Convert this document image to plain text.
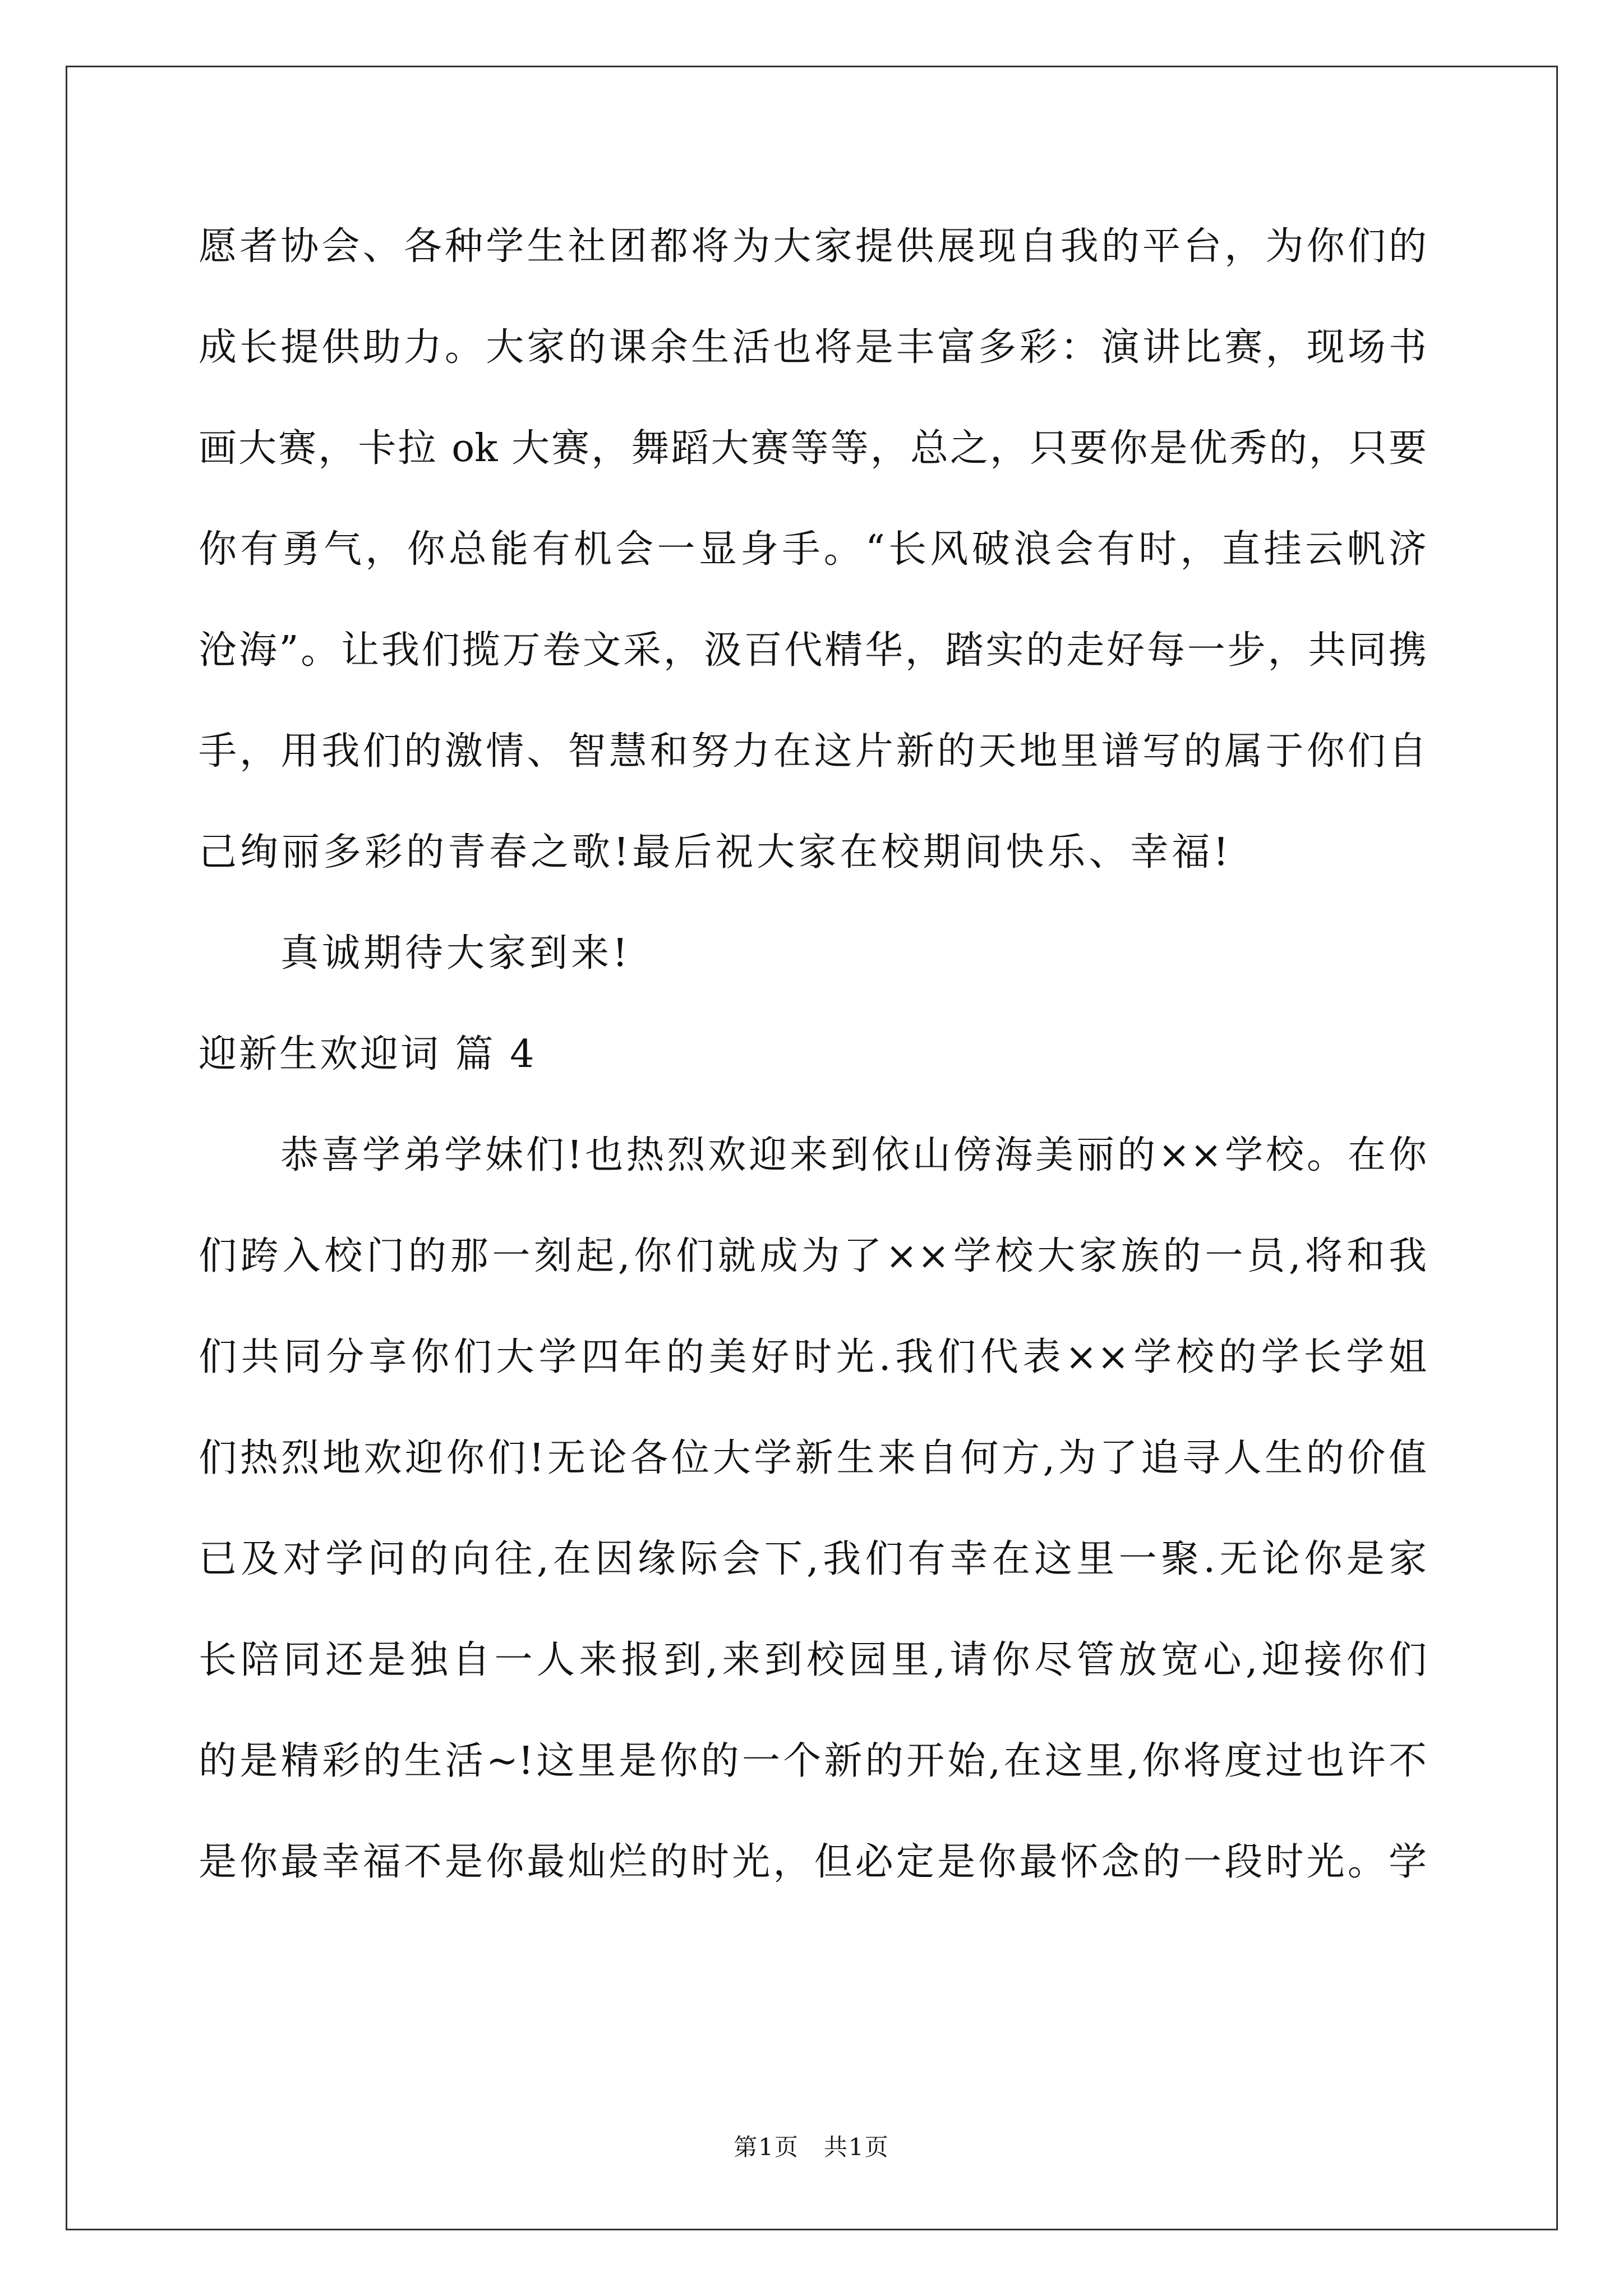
愿者协会、各种学生社团都将为大家提供展现自我的平台，为你们的
成长提供助力。大家的课余生活也将是丰富多彩：演讲比赛，现场书
画大赛，卡拉 ok 大赛，舞蹈大赛等等，总之，只要你是优秀的，只要
你有勇气，你总能有机会一显身手。“长风破浪会有时，直挂云帆济
沧海”。让我们揽万卷文采，汲百代精华，踏实的走好每一步，共同携
手，用我们的激情、智慧和努力在这片新的天地里谱写的属于你们自
己绚丽多彩的青春之歌!最后祝大家在校期间快乐、幸福!
真诚期待大家到来!
迎新生欢迎词 篇 4
恭喜学弟学妹们!也热烈欢迎来到依山傍海美丽的××学校。在你
们跨入校门的那一刻起,你们就成为了××学校大家族的一员,将和我
们共同分享你们大学四年的美好时光.我们代表××学校的学长学姐
们热烈地欢迎你们!无论各位大学新生来自何方,为了追寻人生的价值
已及对学问的向往,在因缘际会下,我们有幸在这里一聚.无论你是家
长陪同还是独自一人来报到,来到校园里,请你尽管放宽心,迎接你们
的是精彩的生活~!这里是你的一个新的开始,在这里,你将度过也许不
是你最幸福不是你最灿烂的时光，但必定是你最怀念的一段时光。学
第1页　共1页
